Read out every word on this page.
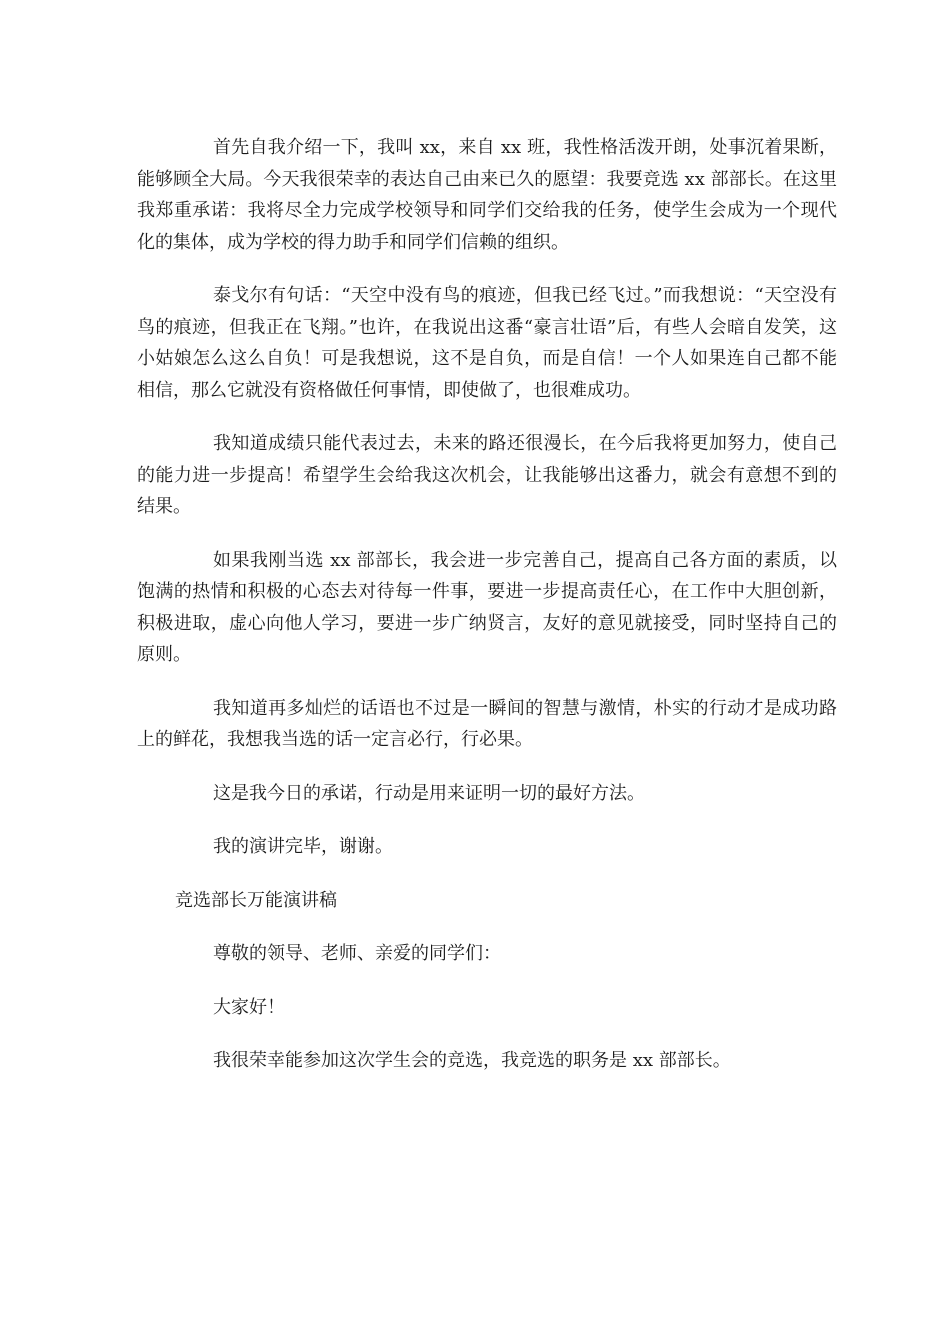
首先自我介绍一下，我叫 xx，来自 xx 班，我性格活泼开朗，处事沉着果断，能够顾全大局。今天我很荣幸的表达自己由来已久的愿望：我要竞选 xx 部部长。在这里我郑重承诺：我将尽全力完成学校领导和同学们交给我的任务，使学生会成为一个现代化的集体，成为学校的得力助手和同学们信赖的组织。

泰戈尔有句话：“天空中没有鸟的痕迹，但我已经飞过。”而我想说：“天空没有鸟的痕迹，但我正在飞翔。”也许，在我说出这番“豪言壮语”后，有些人会暗自发笑，这小姑娘怎么这么自负！可是我想说，这不是自负，而是自信！一个人如果连自己都不能相信，那么它就没有资格做任何事情，即使做了，也很难成功。

我知道成绩只能代表过去，未来的路还很漫长，在今后我将更加努力，使自己的能力进一步提高！希望学生会给我这次机会，让我能够出这番力，就会有意想不到的结果。

如果我刚当选 xx 部部长，我会进一步完善自己，提高自己各方面的素质，以饱满的热情和积极的心态去对待每一件事，要进一步提高责任心，在工作中大胆创新，积极进取，虚心向他人学习，要进一步广纳贤言，友好的意见就接受，同时坚持自己的原则。

我知道再多灿烂的话语也不过是一瞬间的智慧与激情，朴实的行动才是成功路上的鲜花，我想我当选的话一定言必行，行必果。

这是我今日的承诺，行动是用来证明一切的最好方法。

我的演讲完毕，谢谢。

竞选部长万能演讲稿

尊敬的领导、老师、亲爱的同学们：

大家好！

我很荣幸能参加这次学生会的竞选，我竞选的职务是 xx 部部长。
